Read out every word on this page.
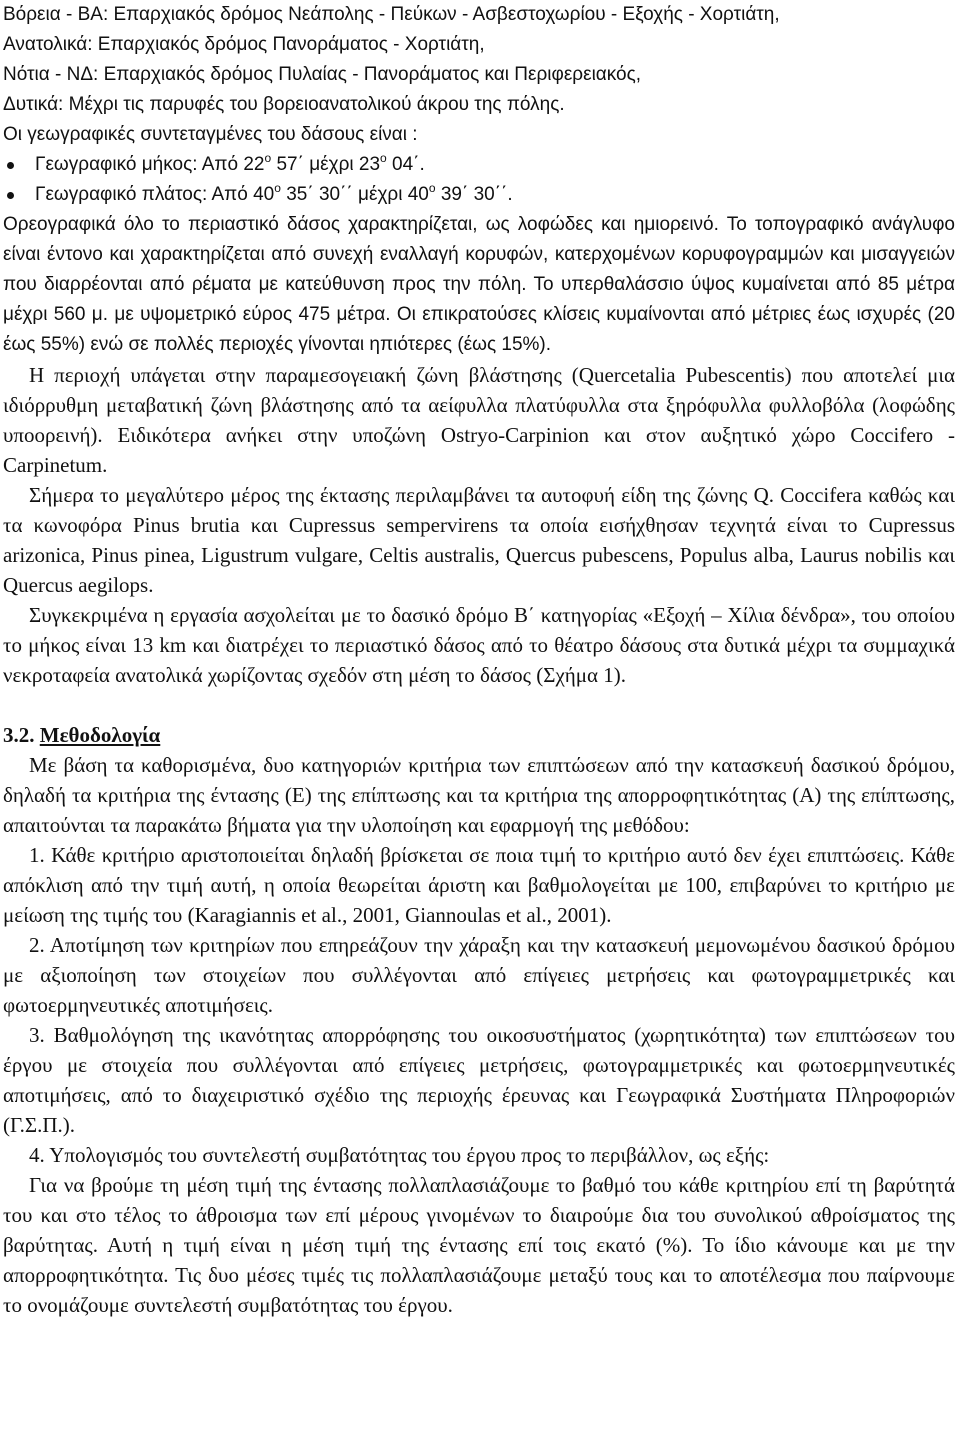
Βόρεια - ΒΑ: Επαρχιακός δρόμος Νεάπολης - Πεύκων - Ασβεστοχωρίου - Εξοχής - Χορτιάτη,

Ανατολικά: Επαρχιακός δρόμος Πανοράματος - Χορτιάτη,

Νότια - ΝΔ: Επαρχιακός δρόμος Πυλαίας - Πανοράματος και Περιφερειακός,

Δυτικά: Μέχρι τις παρυφές του βορειοανατολικού άκρου της πόλης.

Οι γεωγραφικές συντεταγμένες του δάσους είναι :

Γεωγραφικό μήκος: Από $22^o$ 57΄ μέχρι $23^o$ 04΄.
Γεωγραφικό πλάτος: Από $40^o$ 35΄ 30΄΄ μέχρι $40^o$ 39΄ 30΄΄.

Ορεογραφικά όλο το περιαστικό δάσος χαρακτηρίζεται, ως λοφώδες και ημιορεινό. Το τοπογραφικό ανάγλυφο είναι έντονο και χαρακτηρίζεται από συνεχή εναλλαγή κορυφών, κατερχομένων κορυφογραμμών και μισαγγειών που διαρρέονται από ρέματα με κατεύθυνση προς την πόλη. Το υπερθαλάσσιο ύψος κυμαίνεται από 85 μέτρα μέχρι 560 μ. με υψομετρικό εύρος 475 μέτρα. Οι επικρατούσες κλίσεις κυμαίνονται από μέτριες έως ισχυρές (20 έως 55%) ενώ σε πολλές περιοχές γίνονται ηπιότερες (έως 15%).

Η περιοχή υπάγεται στην παραμεσογειακή ζώνη βλάστησης (Quercetalia Pubescentis) που αποτελεί μια ιδιόρρυθμη μεταβατική ζώνη βλάστησης από τα αείφυλλα πλατύφυλλα στα ξηρόφυλλα φυλλοβόλα (λοφώδης υποορεινή). Ειδικότερα ανήκει στην υποζώνη Ostryo-Carpinion και στον αυξητικό χώρο Coccifero - Carpinetum.

Σήμερα το μεγαλύτερο μέρος της έκτασης περιλαμβάνει τα αυτοφυή είδη της ζώνης Q. Coccifera καθώς και τα κωνοφόρα Pinus brutia και Cupressus sempervirens τα οποία εισήχθησαν τεχνητά είναι το Cupressus arizonica, Pinus pinea, Ligustrum vulgare, Celtis australis, Quercus pubescens, Populus alba, Laurus nobilis και Quercus aegilops.

Συγκεκριμένα η εργασία ασχολείται με το δασικό δρόμο Β΄ κατηγορίας «Εξοχή – Χίλια δένδρα», του οποίου το μήκος είναι 13 km και διατρέχει το περιαστικό δάσος από το θέατρο δάσους στα δυτικά μέχρι τα συμμαχικά νεκροταφεία ανατολικά χωρίζοντας σχεδόν στη μέση το δάσος (Σχήμα 1).

3.2. Μεθοδολογία

Με βάση τα καθορισμένα, δυο κατηγοριών κριτήρια των επιπτώσεων από την κατασκευή δασικού δρόμου, δηλαδή τα κριτήρια της έντασης (Ε) της επίπτωσης και τα κριτήρια της απορροφητικότητας (Α) της επίπτωσης, απαιτούνται τα παρακάτω βήματα για την υλοποίηση και εφαρμογή της μεθόδου:

1. Κάθε κριτήριο αριστοποιείται δηλαδή βρίσκεται σε ποια τιμή το κριτήριο αυτό δεν έχει επιπτώσεις. Κάθε απόκλιση από την τιμή αυτή, η οποία θεωρείται άριστη και βαθμολογείται με 100, επιβαρύνει το κριτήριο με μείωση της τιμής του (Karagiannis et al., 2001, Giannoulas et al., 2001).

2. Αποτίμηση των κριτηρίων που επηρεάζουν την χάραξη και την κατασκευή μεμονωμένου δασικού δρόμου με αξιοποίηση των στοιχείων που συλλέγονται από επίγειες μετρήσεις και φωτογραμμετρικές και φωτοερμηνευτικές αποτιμήσεις.

3. Βαθμολόγηση της ικανότητας απορρόφησης του οικοσυστήματος (χωρητικότητα) των επιπτώσεων του έργου με στοιχεία που συλλέγονται από επίγειες μετρήσεις, φωτογραμμετρικές και φωτοερμηνευτικές αποτιμήσεις, από το διαχειριστικό σχέδιο της περιοχής έρευνας και Γεωγραφικά Συστήματα Πληροφοριών (Γ.Σ.Π.).

4. Υπολογισμός του συντελεστή συμβατότητας του έργου προς το περιβάλλον, ως εξής:

Για να βρούμε τη μέση τιμή της έντασης πολλαπλασιάζουμε το βαθμό του κάθε κριτηρίου επί τη βαρύτητά του και στο τέλος το άθροισμα των επί μέρους γινομένων το διαιρούμε δια του συνολικού αθροίσματος της βαρύτητας. Αυτή η τιμή είναι η μέση τιμή της έντασης επί τοις εκατό (%). Το ίδιο κάνουμε και με την απορροφητικότητα. Τις δυο μέσες τιμές τις πολλαπλασιάζουμε μεταξύ τους και το αποτέλεσμα που παίρνουμε το ονομάζουμε συντελεστή συμβατότητας του έργου.
